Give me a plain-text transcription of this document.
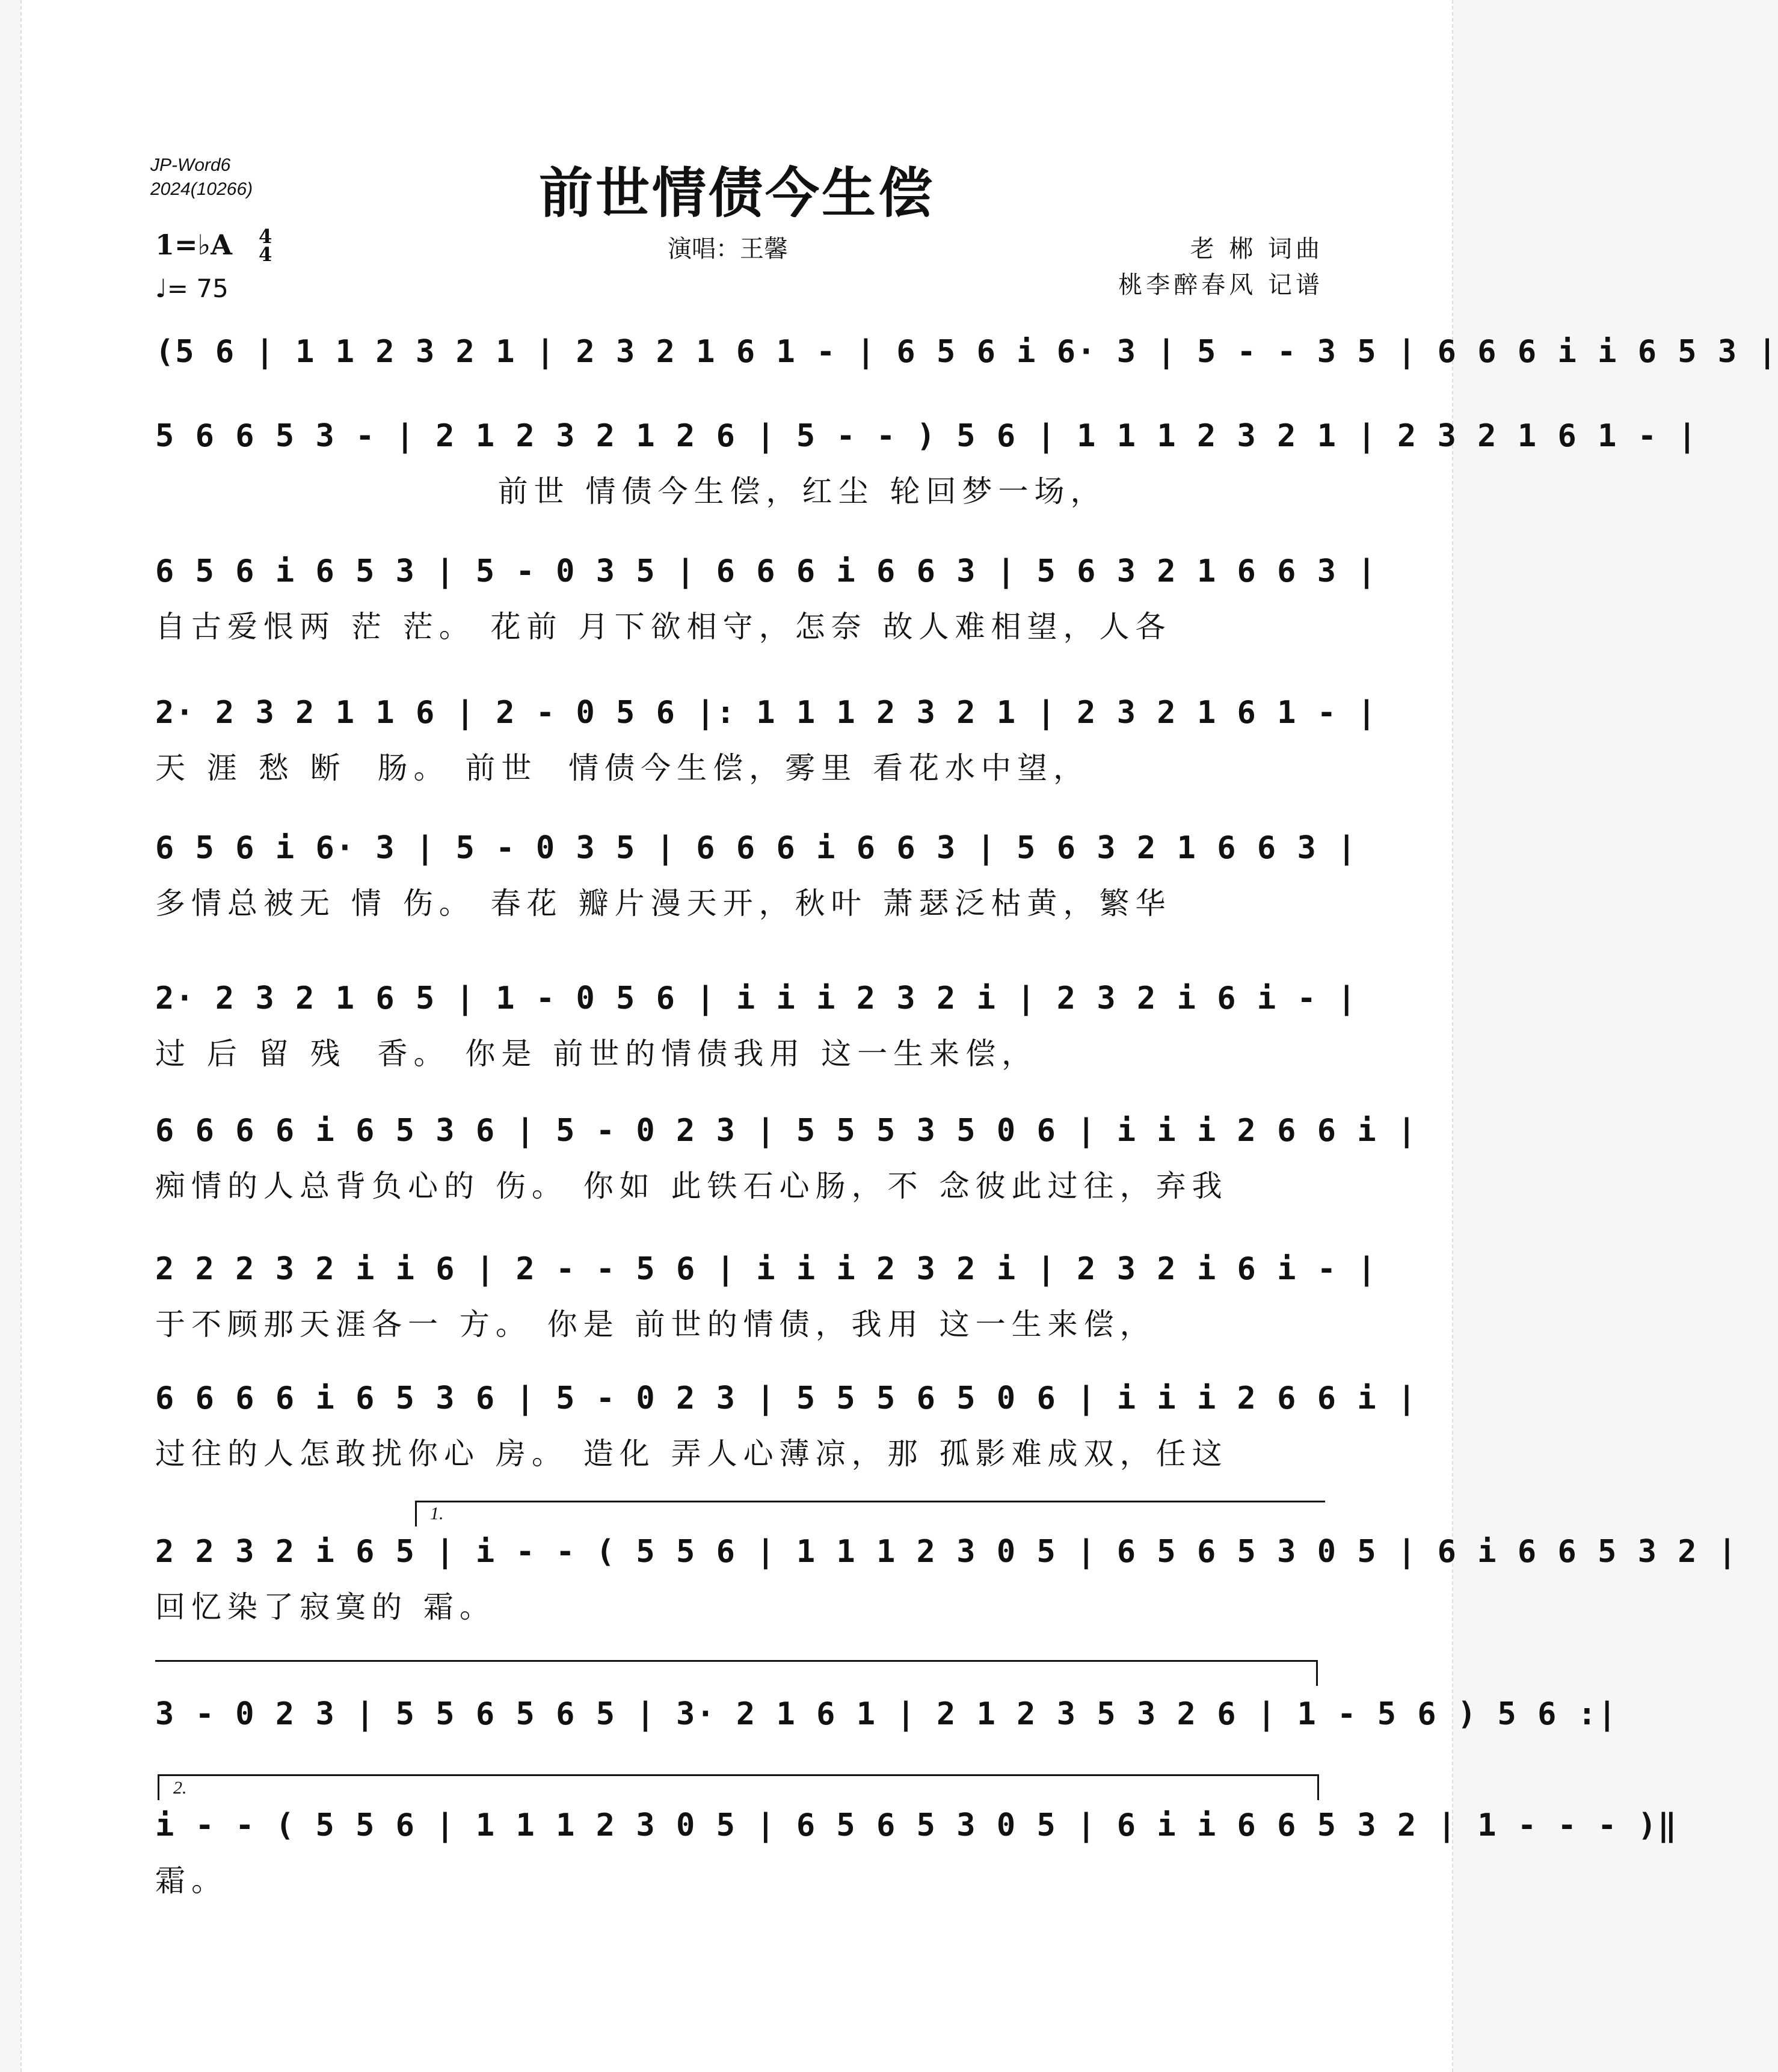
JP-Word6
2024(10266)	前世情债今生偿
演唱：王馨	老 郴 词曲
桃李醉春风 记谱
1=♭A 4
4
♩= 75
(5 6 | 1 1 2 3 2 1 | 2 3 2 1 6 1 - | 6 5 6 i 6· 3 | 5 - - 3 5 | 6 6 6 i i 6 5 3 |
5 6 6 5 3 - | 2 1 2 3 2 1 2 6 | 5 - - ) 5 6 | 1 1 1 2 3 2 1 | 2 3 2 1 6 1 - |
前世 情债今生偿，红尘 轮回梦一场，
6 5 6 i 6 5 3 | 5 - 0 3 5 | 6 6 6 i 6 6 3 | 5 6 3 2 1 6 6 3 |
自古爱恨两 茫 茫。 花前 月下欲相守，怎奈 故人难相望，人各
2· 2 3 2 1 1 6 | 2 - 0 5 6 |: 1 1 1 2 3 2 1 | 2 3 2 1 6 1 - |
天 涯 愁 断  肠。 前世  情债今生偿，雾里 看花水中望，
6 5 6 i 6· 3 | 5 - 0 3 5 | 6 6 6 i 6 6 3 | 5 6 3 2 1 6 6 3 |
多情总被无 情 伤。 春花 瓣片漫天开，秋叶 萧瑟泛枯黄，繁华
2· 2 3 2 1 6 5 | 1 - 0 5 6 | i i i 2 3 2 i | 2 3 2 i 6 i - |
过 后 留 残  香。 你是 前世的情债我用 这一生来偿，
6 6 6 6 i 6 5 3 6 | 5 - 0 2 3 | 5 5 5 3 5 0 6 | i i i 2 6 6 i |
痴情的人总背负心的 伤。 你如 此铁石心肠，不 念彼此过往，弃我
2 2 2 3 2 i i 6 | 2 - - 5 6 | i i i 2 3 2 i | 2 3 2 i 6 i - |
于不顾那天涯各一 方。 你是 前世的情债，我用 这一生来偿，
6 6 6 6 i 6 5 3 6 | 5 - 0 2 3 | 5 5 5 6 5 0 6 | i i i 2 6 6 i |
过往的人怎敢扰你心 房。 造化 弄人心薄凉，那 孤影难成双，任这
1.
2 2 3 2 i 6 5 | i - - ( 5 5 6 | 1 1 1 2 3 0 5 | 6 5 6 5 3 0 5 | 6 i 6 6 5 3 2 |
回忆染了寂寞的 霜。
3 - 0 2 3 | 5 5 6 5 6 5 | 3· 2 1 6 1 | 2 1 2 3 5 3 2 6 | 1 - 5 6 ) 5 6 :|
2.
i - - ( 5 5 6 | 1 1 1 2 3 0 5 | 6 5 6 5 3 0 5 | 6 i i 6 6 5 3 2 | 1 - - - )‖
霜。
